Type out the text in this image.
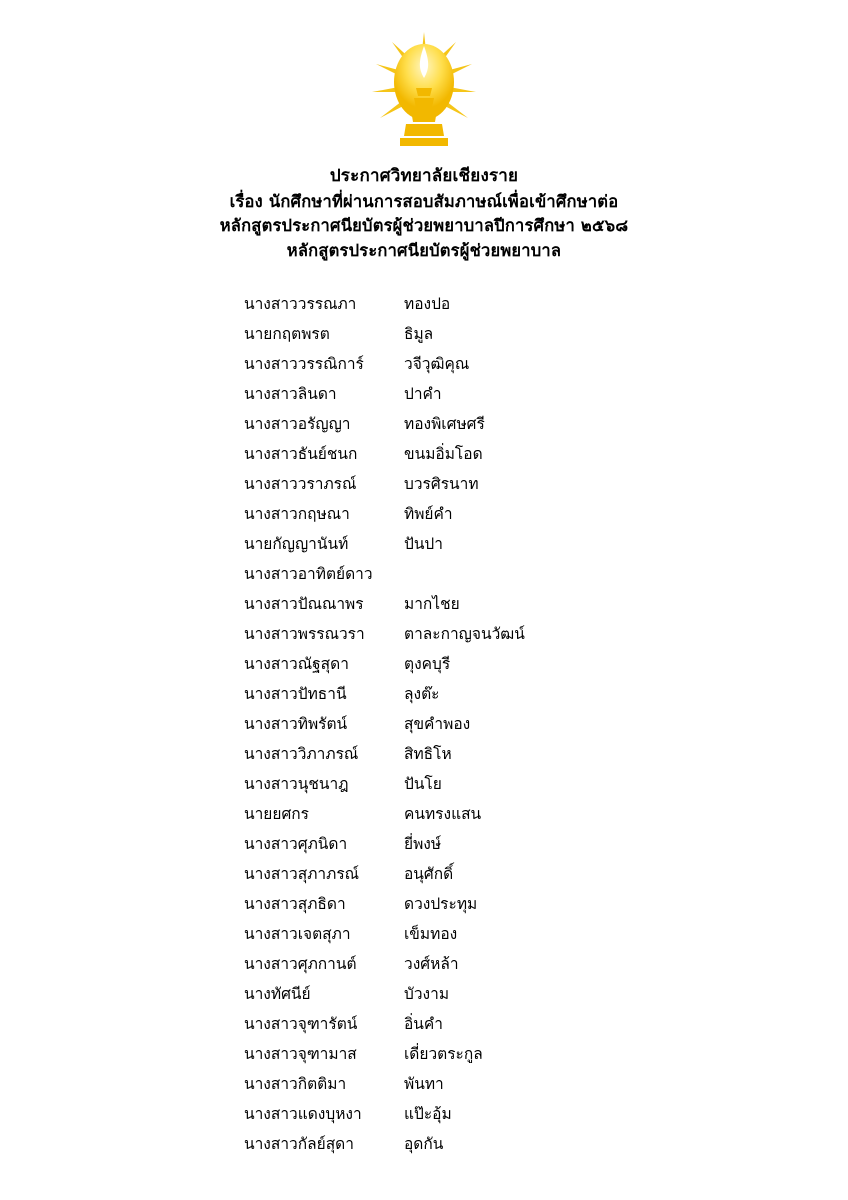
ประกาศวิทยาลัยเชียงราย
เรื่อง นักศึกษาที่ผ่านการสอบสัมภาษณ์เพื่อเข้าศึกษาต่อ
หลักสูตรประกาศนียบัตรผู้ช่วยพยาบาลปีการศึกษา ๒๕๖๘
หลักสูตรประกาศนียบัตรผู้ช่วยพยาบาล
นางสาววรรณภา	ทองปอ
นายกฤตพรต	ธิมูล
นางสาววรรณิการ์	วจีวุฒิคุณ
นางสาวลินดา	ปาคำ
นางสาวอรัญญา	ทองพิเศษศรี
นางสาวธันย์ชนก	ขนมอิ่มโอด
นางสาววราภรณ์	บวรศิรนาท
นางสาวกฤษณา	ทิพย์คำ
นายกัญญานันท์	ปันปา
นางสาวอาทิตย์ดาว	
นางสาวปัณณาพร	มากไชย
นางสาวพรรณวรา	ตาละกาญจนวัฒน์
นางสาวณัฐสุดา	ตุงคบุรี
นางสาวปัทธานี	ลุงต๊ะ
นางสาวทิพรัตน์	สุขคำพอง
นางสาววิภาภรณ์	สิทธิโห
นางสาวนุชนาฎ	ปันโย
นายยศกร	คนทรงแสน
นางสาวศุภนิดา	ยี่พงษ์
นางสาวสุภาภรณ์	อนุศักดิ์
นางสาวสุภธิดา	ดวงประทุม
นางสาวเจตสุภา	เข็มทอง
นางสาวศุภกานต์	วงศ์หล้า
นางทัศนีย์	บัวงาม
นางสาวจุฑารัตน์	อิ่นคำ
นางสาวจุฑามาส	เดี่ยวตระกูล
นางสาวกิตติมา	พันทา
นางสาวแดงบุหงา	แป๊ะอุ้ม
นางสาวกัลย์สุดา	อุดกัน
